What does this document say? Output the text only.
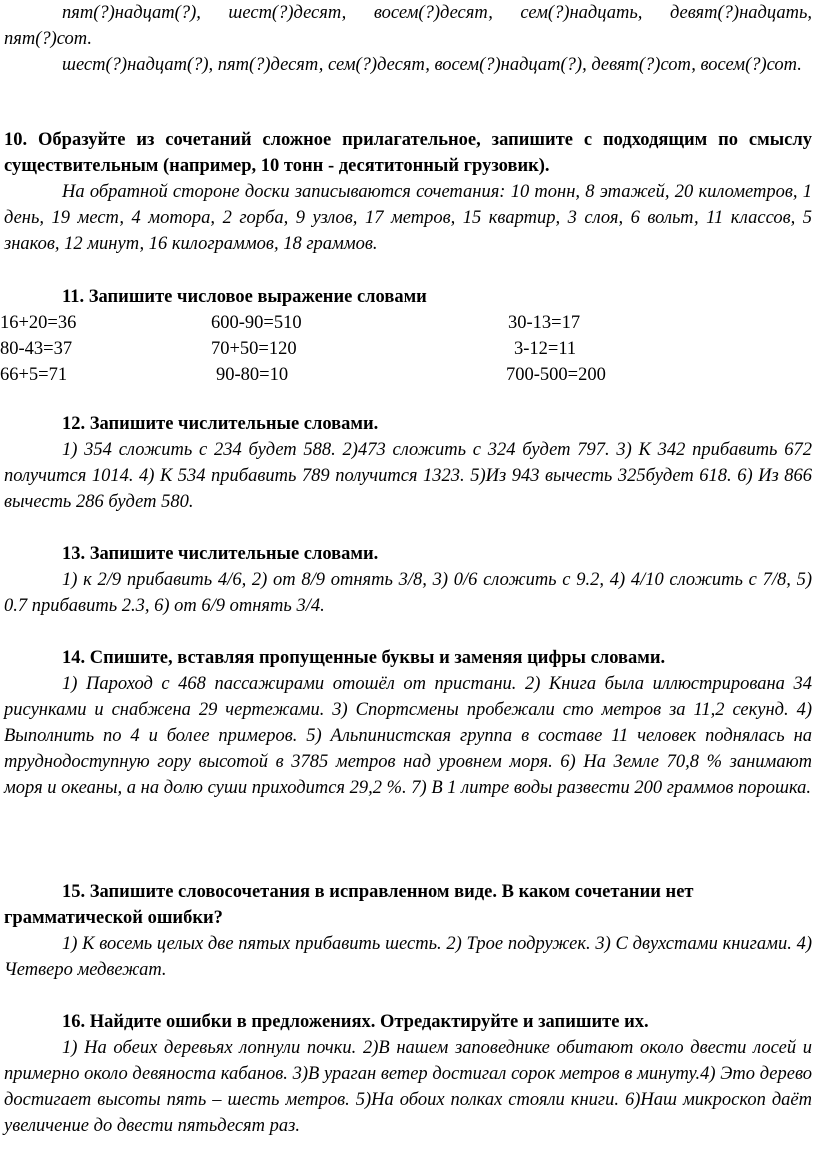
пят(?)надцат(?), шест(?)десят, восем(?)десят, сем(?)надцать, девят(?)надцать, пят(?)сот.

шест(?)надцат(?), пят(?)десят, сем(?)десят, восем(?)надцат(?), девят(?)сот, восем(?)сот.

10. Образуйте из сочетаний сложное прилагательное, запишите с подходящим по смыслу существительным (например, 10 тонн - десятитонный грузовик).

На обратной стороне доски записываются сочетания: 10 тонн, 8 этажей, 20 километров, 1 день, 19 мест, 4 мотора, 2 горба, 9 узлов, 17 метров, 15 квартир, 3 слоя, 6 вольт, 11 классов, 5 знаков, 12 минут, 16 килограммов, 18 граммов.

11. Запишите числовое выражение словами

16+20=36	600-90=510	30-13=17
80-43=37	70+50=120	3-12=11
66+5=71	90-80=10	700-500=200

12. Запишите числительные словами.

1) 354 сложить с 234 будет 588. 2)473 сложить с 324 будет 797. 3) К 342 прибавить 672 получится 1014. 4) К 534 прибавить 789 получится 1323. 5)Из 943 вычесть 325будет 618. 6) Из 866 вычесть 286 будет 580.

13. Запишите числительные словами.

1) к 2/9 прибавить 4/6, 2) от 8/9 отнять 3/8, 3) 0/6 сложить с 9.2, 4) 4/10 сложить с 7/8, 5) 0.7 прибавить 2.3, 6) от 6/9 отнять 3/4.

14. Спишите, вставляя пропущенные буквы и заменяя цифры словами.

1) Пароход с 468 пассажирами отошёл от пристани. 2) Книга была иллюстрирована 34 рисунками и снабжена 29 чертежами. 3) Спортсмены пробежали сто метров за 11,2 секунд. 4) Выполнить по 4 и более примеров. 5) Альпинистская группа в составе 11 человек поднялась на труднодоступную гору высотой в 3785 метров над уровнем моря. 6) На Земле 70,8 % занимают моря и океаны, а на долю суши приходится 29,2 %. 7) В 1 литре воды развести 200 граммов порошка.

15. Запишите словосочетания в исправленном виде. В каком сочетании нет грамматической ошибки?

1) К восемь целых две пятых прибавить шесть. 2) Трое подружек. 3) С двухстами книгами. 4) Четверо медвежат.

16. Найдите ошибки в предложениях. Отредактируйте и запишите их.

1) На обеих деревьях лопнули почки. 2)В нашем заповеднике обитают около двести лосей и примерно около девяноста кабанов. 3)В ураган ветер достигал сорок метров в минуту.4) Это дерево достигает высоты пять – шесть метров. 5)На обоих полках стояли книги. 6)Наш микроскоп даёт увеличение до двести пятьдесят раз.
